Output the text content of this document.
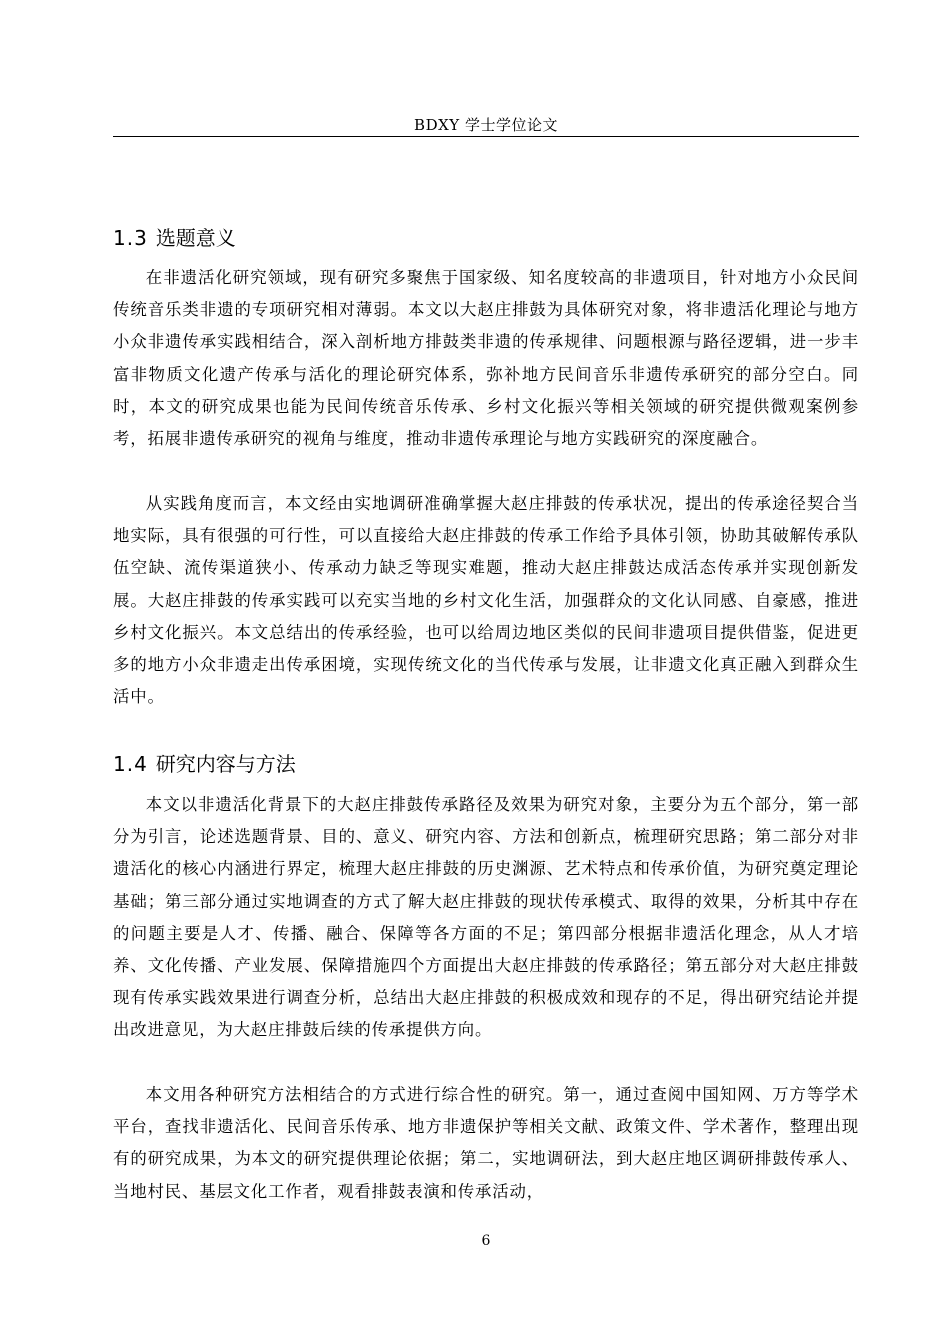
BDXY 学士学位论文
1.3 选题意义

在非遗活化研究领域，现有研究多聚焦于国家级、知名度较高的非遗项目，针对地方小众民间传统音乐类非遗的专项研究相对薄弱。本文以大赵庄排鼓为具体研究对象，将非遗活化理论与地方小众非遗传承实践相结合，深入剖析地方排鼓类非遗的传承规律、问题根源与路径逻辑，进一步丰富非物质文化遗产传承与活化的理论研究体系，弥补地方民间音乐非遗传承研究的部分空白。同时，本文的研究成果也能为民间传统音乐传承、乡村文化振兴等相关领域的研究提供微观案例参考，拓展非遗传承研究的视角与维度，推动非遗传承理论与地方实践研究的深度融合。

从实践角度而言，本文经由实地调研准确掌握大赵庄排鼓的传承状况，提出的传承途径契合当地实际，具有很强的可行性，可以直接给大赵庄排鼓的传承工作给予具体引领，协助其破解传承队伍空缺、流传渠道狭小、传承动力缺乏等现实难题，推动大赵庄排鼓达成活态传承并实现创新发展。大赵庄排鼓的传承实践可以充实当地的乡村文化生活，加强群众的文化认同感、自豪感，推进乡村文化振兴。本文总结出的传承经验，也可以给周边地区类似的民间非遗项目提供借鉴，促进更多的地方小众非遗走出传承困境，实现传统文化的当代传承与发展，让非遗文化真正融入到群众生活中。

1.4 研究内容与方法

本文以非遗活化背景下的大赵庄排鼓传承路径及效果为研究对象，主要分为五个部分，第一部分为引言，论述选题背景、目的、意义、研究内容、方法和创新点，梳理研究思路；第二部分对非遗活化的核心内涵进行界定，梳理大赵庄排鼓的历史渊源、艺术特点和传承价值，为研究奠定理论基础；第三部分通过实地调查的方式了解大赵庄排鼓的现状传承模式、取得的效果，分析其中存在的问题主要是人才、传播、融合、保障等各方面的不足；第四部分根据非遗活化理念，从人才培养、文化传播、产业发展、保障措施四个方面提出大赵庄排鼓的传承路径；第五部分对大赵庄排鼓现有传承实践效果进行调查分析，总结出大赵庄排鼓的积极成效和现存的不足，得出研究结论并提出改进意见，为大赵庄排鼓后续的传承提供方向。

本文用各种研究方法相结合的方式进行综合性的研究。第一，通过查阅中国知网、万方等学术平台，查找非遗活化、民间音乐传承、地方非遗保护等相关文献、政策文件、学术著作，整理出现有的研究成果，为本文的研究提供理论依据；第二，实地调研法，到大赵庄地区调研排鼓传承人、当地村民、基层文化工作者，观看排鼓表演和传承活动，

6
